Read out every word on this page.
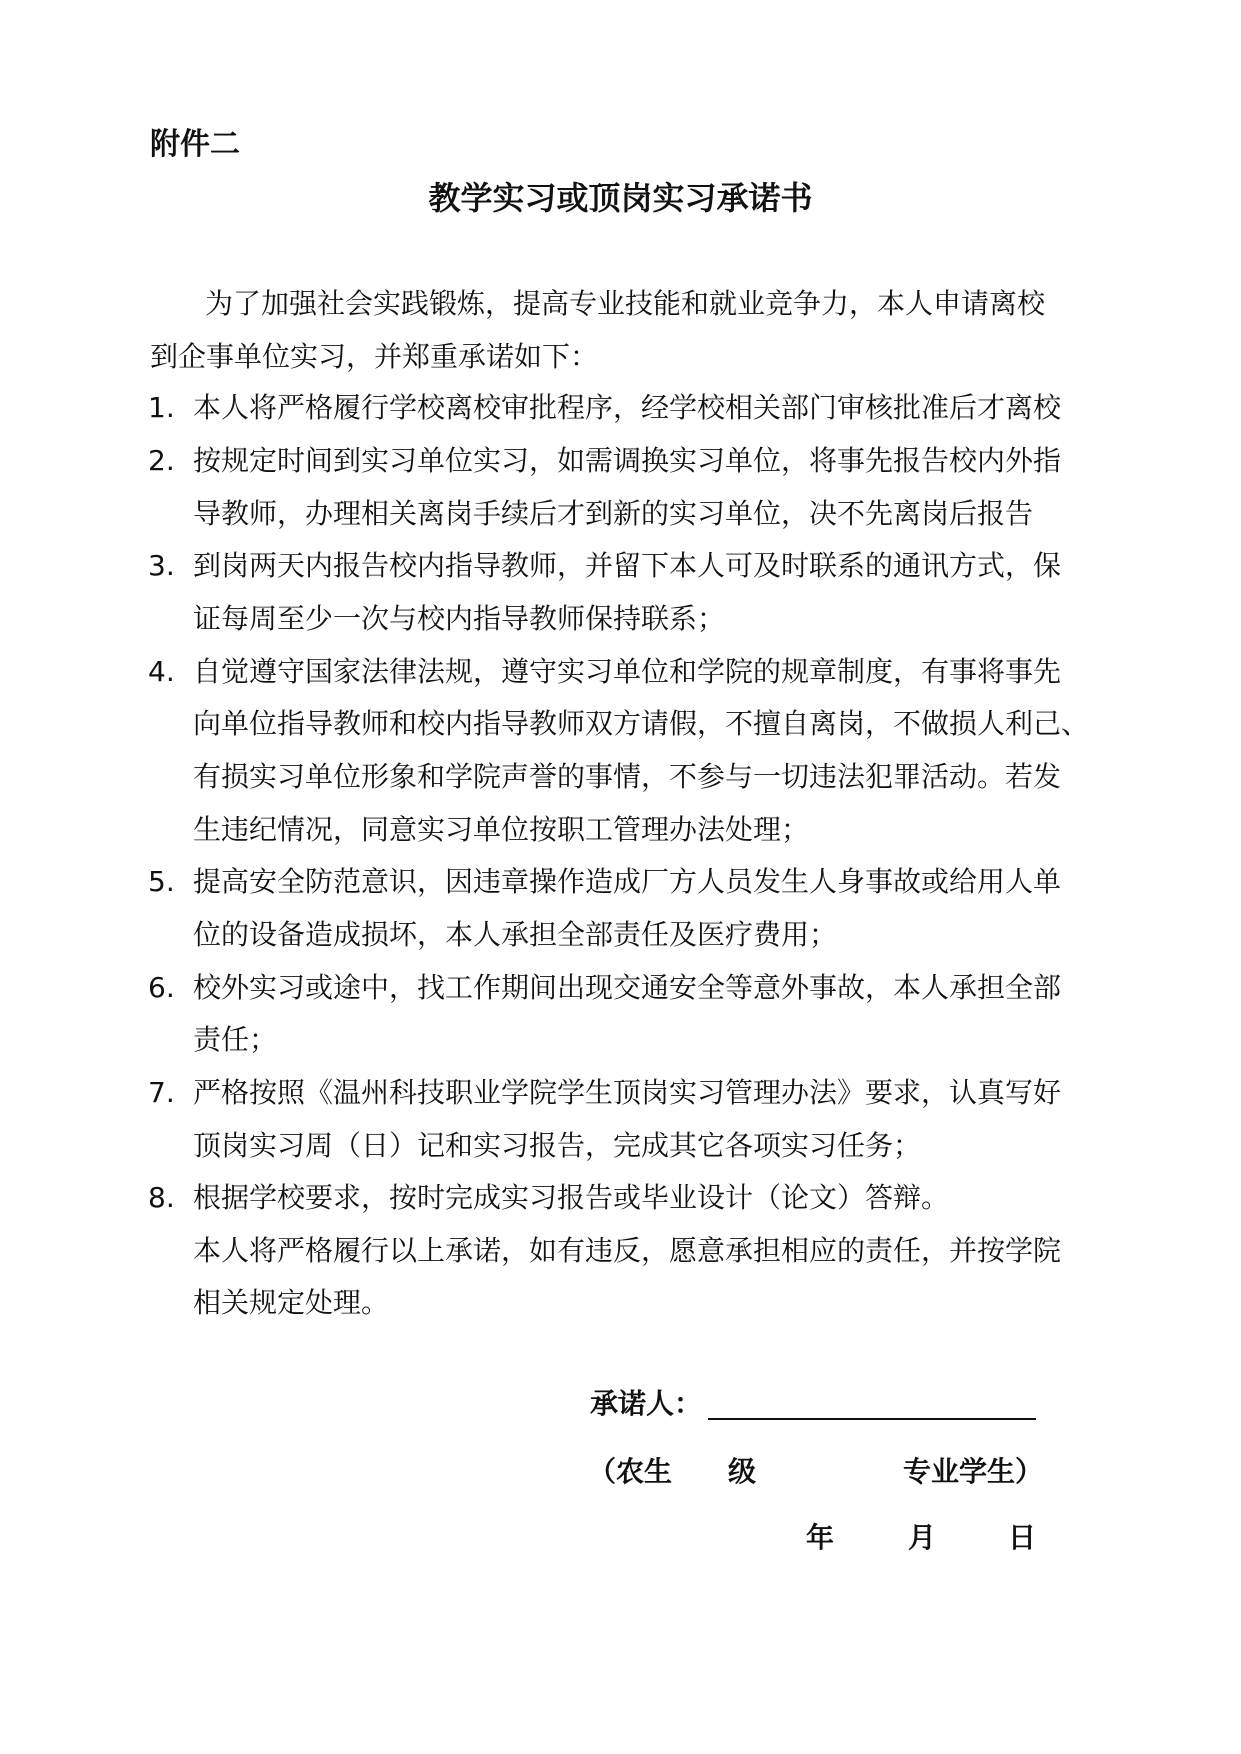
附件二
教学实习或顶岗实习承诺书
为了加强社会实践锻炼，提高专业技能和就业竞争力，本人申请离校
到企事单位实习，并郑重承诺如下：
1. 本人将严格履行学校离校审批程序，经学校相关部门审核批准后才离校
2. 按规定时间到实习单位实习，如需调换实习单位，将事先报告校内外指
导教师，办理相关离岗手续后才到新的实习单位，决不先离岗后报告
3. 到岗两天内报告校内指导教师，并留下本人可及时联系的通讯方式，保
证每周至少一次与校内指导教师保持联系；
4. 自觉遵守国家法律法规，遵守实习单位和学院的规章制度，有事将事先
向单位指导教师和校内指导教师双方请假，不擅自离岗，不做损人利己、
有损实习单位形象和学院声誉的事情，不参与一切违法犯罪活动。若发
生违纪情况，同意实习单位按职工管理办法处理；
5. 提高安全防范意识，因违章操作造成厂方人员发生人身事故或给用人单
位的设备造成损坏，本人承担全部责任及医疗费用；
6. 校外实习或途中，找工作期间出现交通安全等意外事故，本人承担全部
责任；
7. 严格按照《温州科技职业学院学生顶岗实习管理办法》要求，认真写好
顶岗实习周（日）记和实习报告，完成其它各项实习任务；
8. 根据学校要求，按时完成实习报告或毕业设计（论文）答辩。
本人将严格履行以上承诺，如有违反，愿意承担相应的责任，并按学院
相关规定处理。
承诺人：
（农生 级	专业学生）
年	月	日
